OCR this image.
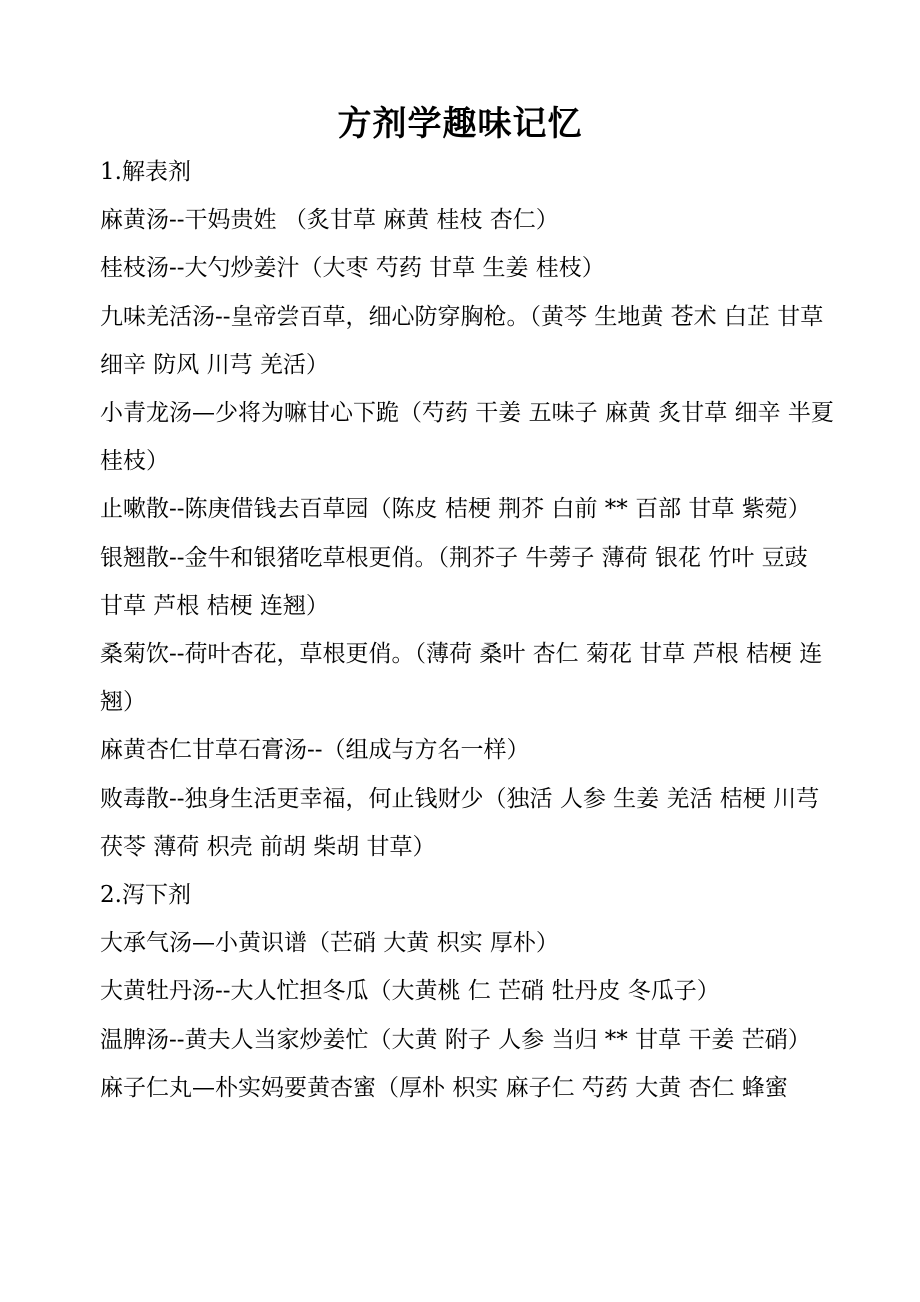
方剂学趣味记忆

1.解表剂

麻黄汤--干妈贵姓 （炙甘草 麻黄 桂枝 杏仁）

桂枝汤--大勺炒姜汁（大枣 芍药 甘草 生姜 桂枝）

九味羌活汤--皇帝尝百草，细心防穿胸枪。（黄芩 生地黄 苍术 白芷 甘草 细辛 防风 川芎 羌活）

小青龙汤—少将为嘛甘心下跪（芍药 干姜 五味子 麻黄 炙甘草 细辛 半夏 桂枝）

止嗽散--陈庚借钱去百草园（陈皮 桔梗 荆芥 白前 ** 百部 甘草 紫菀）

银翘散--金牛和银猪吃草根更俏。（荆芥子 牛蒡子 薄荷 银花 竹叶 豆豉 甘草 芦根 桔梗 连翘）

桑菊饮--荷叶杏花，草根更俏。（薄荷 桑叶 杏仁 菊花 甘草 芦根 桔梗 连翘）

麻黄杏仁甘草石膏汤--（组成与方名一样）

败毒散--独身生活更幸福，何止钱财少（独活 人参 生姜 羌活 桔梗 川芎 茯苓 薄荷 枳壳 前胡 柴胡 甘草）

2.泻下剂

大承气汤—小黄识谱（芒硝 大黄 枳实 厚朴）

大黄牡丹汤--大人忙担冬瓜（大黄桃 仁 芒硝 牡丹皮 冬瓜子）

温脾汤--黄夫人当家炒姜忙（大黄 附子 人参 当归 ** 甘草 干姜 芒硝）

麻子仁丸—朴实妈要黄杏蜜（厚朴 枳实 麻子仁 芍药 大黄 杏仁 蜂蜜
